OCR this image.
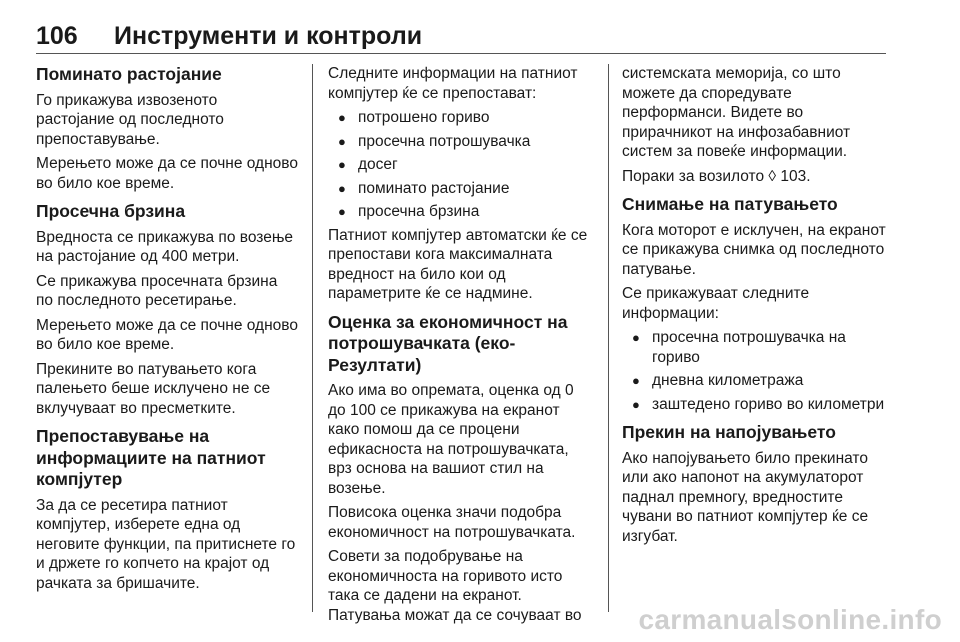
106 Инструменти и контроли
Поминато растојание

Го прикажува извозеното растојание од последното препоставување.

Мерењето може да се почне одново во било кое време.

Просечна брзина

Вредноста се прикажува по возење на растојание од 400 метри.

Се прикажува просечната брзина по последното ресетирање.

Мерењето може да се почне одново во било кое време.

Прекините во патувањето кога палењето беше исклучено не се вклучуваат во пресметките.

Препоставување на информациите на патниот компјутер

За да се ресетира патниот компјутер, изберете една од неговите функции, па притиснете го и држете го копчето на крајот од рачката за бришачите.

Следните информации на патниот компјутер ќе се препостават:

● потрошено гориво
● просечна потрошувачка
● досег
● поминато растојание
● просечна брзина

Патниот компјутер автоматски ќе се препостави кога максималната вредност на било кои од параметрите ќе се надмине.

Оценка за економичност на потрошувачката (еко-Резултати)

Ако има во опремата, оценка од 0 до 100 се прикажува на екранот како помош да се процени ефикасноста на потрошувачката, врз основа на вашиот стил на возење.

Повисока оценка значи подобра економичност на потрошувачката.

Совети за подобрување на економичноста на горивото исто така се дадени на екранот. Патувања можат да се сочуваат во

системската меморија, со што можете да споредувате перформанси. Видете во прирачникот на инфозабавниот систем за повеќе информации.

Пораки за возилото ◊ 103.

Снимање на патувањето

Кога моторот е исклучен, на екранот се прикажува снимка од последното патување.

Се прикажуваат следните информации:

● просечна потрошувачка на гориво
● дневна километража
● заштедено гориво во километри
Прекин на напојувањето

Ако напојувањето било прекинато или ако напонот на акумулаторот паднал премногу, вредностите чувани во патниот компјутер ќе се изгубат.

carmanualsonline.info
